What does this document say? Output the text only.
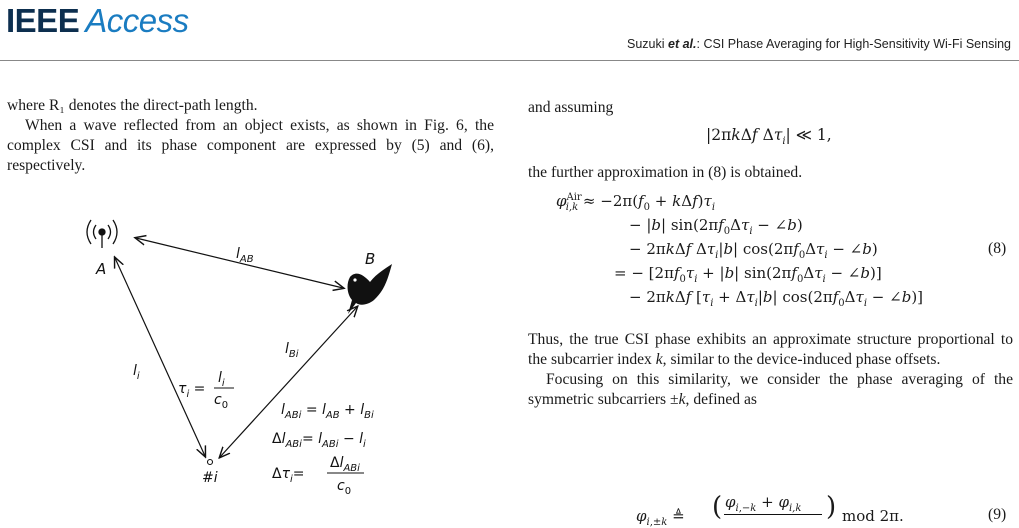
IEEE Access
Suzuki et al.: CSI Phase Averaging for High-Sensitivity Wi-Fi Sensing

where R₁ denotes the direct-path length.

When a wave reflected from an object exists, as shown in Fig. 6, the complex CSI and its phase component are expressed by (5) and (6), respectively.

A
B
#i
$l_{AB}$
$l_i$
$l_{Bi}$
$\tau_i$ =
$l_i$
$c_0$	$l_{ABi} = l_{AB} + l_{Bi}$
$\Delta l_{ABi}= l_{ABi} - l_i$
$\Delta\tau_i=$
$\Delta l_{ABi}$
$c_0$

and assuming

|2πkΔf $\Delta\tau_i|$ ≪ 1,

the further approximation in (8) is obtained.

$\varphi^{Air}_{i,k} \approx -2\pi(f_0 + k\Delta f)\tau_i$
− |b| $\sin(2\pi f_0\Delta\tau_i$ − ∠b)
− 2πkΔf $\Delta\tau_i|b|$ $\cos(2\pi f_0\Delta\tau_i$ − ∠b)
= − [$2\pi f_0\tau_i + |b|$ $\sin(2\pi f_0\Delta\tau_i$ − ∠b)]
− 2πkΔf [$\tau_i + \Delta\tau_i|b|$ $\cos(2\pi f_0\Delta\tau_i$ − ∠b)]
(8)

Thus, the true CSI phase exhibits an approximate structure proportional to the subcarrier index k, similar to the device-induced phase offsets.

Focusing on this similarity, we consider the phase averaging of the symmetric subcarriers ±k, defined as

$\varphi_{i,\pm k}$ ≜ ( $\varphi_{i,-k} + \varphi_{i,k}$ ) mod 2π.	(9)
